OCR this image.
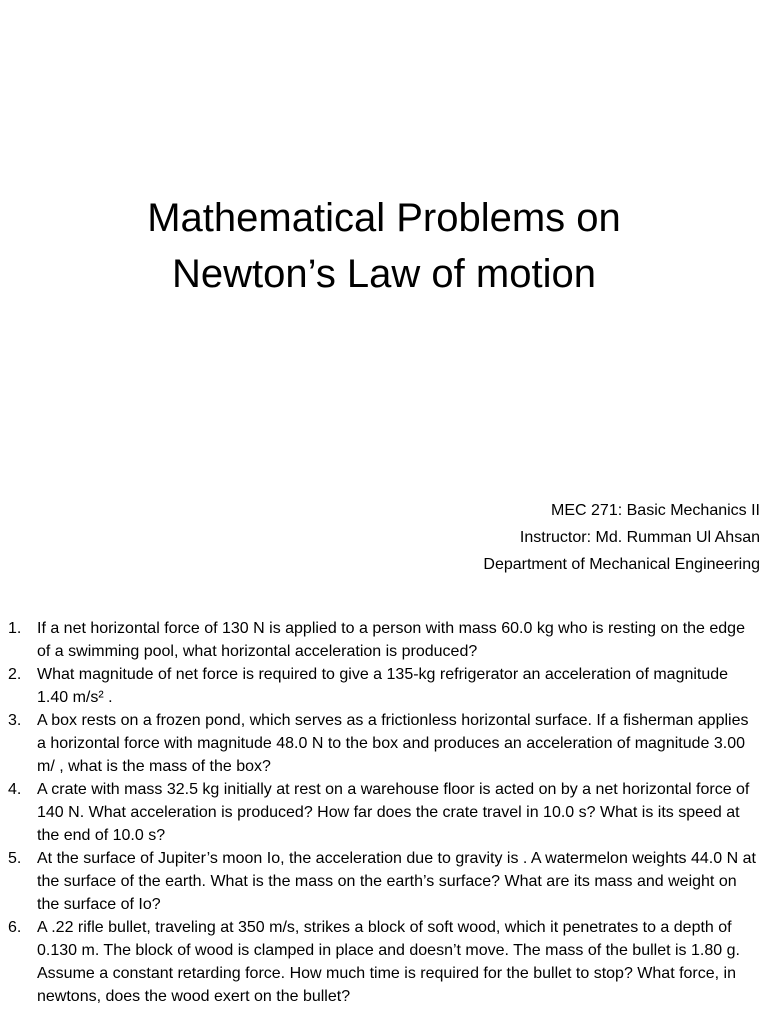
Mathematical Problems on
Newton’s Law of motion
MEC 271: Basic Mechanics II
Instructor: Md. Rumman Ul Ahsan
Department of Mechanical Engineering
1. If a net horizontal force of 130 N is applied to a person with mass 60.0 kg who is resting on the edge of a swimming pool, what horizontal acceleration is produced?
2. What magnitude of net force is required to give a 135-kg refrigerator an acceleration of magnitude 1.40 m/s² .
3. A box rests on a frozen pond, which serves as a frictionless horizontal surface. If a fisherman applies a horizontal force with magnitude 48.0 N to the box and produces an acceleration of magnitude 3.00 m/ , what is the mass of the box?
4. A crate with mass 32.5 kg initially at rest on a warehouse floor is acted on by a net horizontal force of 140 N. What acceleration is produced? How far does the crate travel in 10.0 s? What is its speed at the end of 10.0 s?
5. At the surface of Jupiter’s moon Io, the acceleration due to gravity is . A watermelon weights 44.0 N at the surface of the earth. What is the mass on the earth’s surface? What are its mass and weight on the surface of Io?
6. A .22 rifle bullet, traveling at 350 m/s, strikes a block of soft wood, which it penetrates to a depth of 0.130 m. The block of wood is clamped in place and doesn’t move. The mass of the bullet is 1.80 g. Assume a constant retarding force. How much time is required for the bullet to stop? What force, in newtons, does the wood exert on the bullet?
